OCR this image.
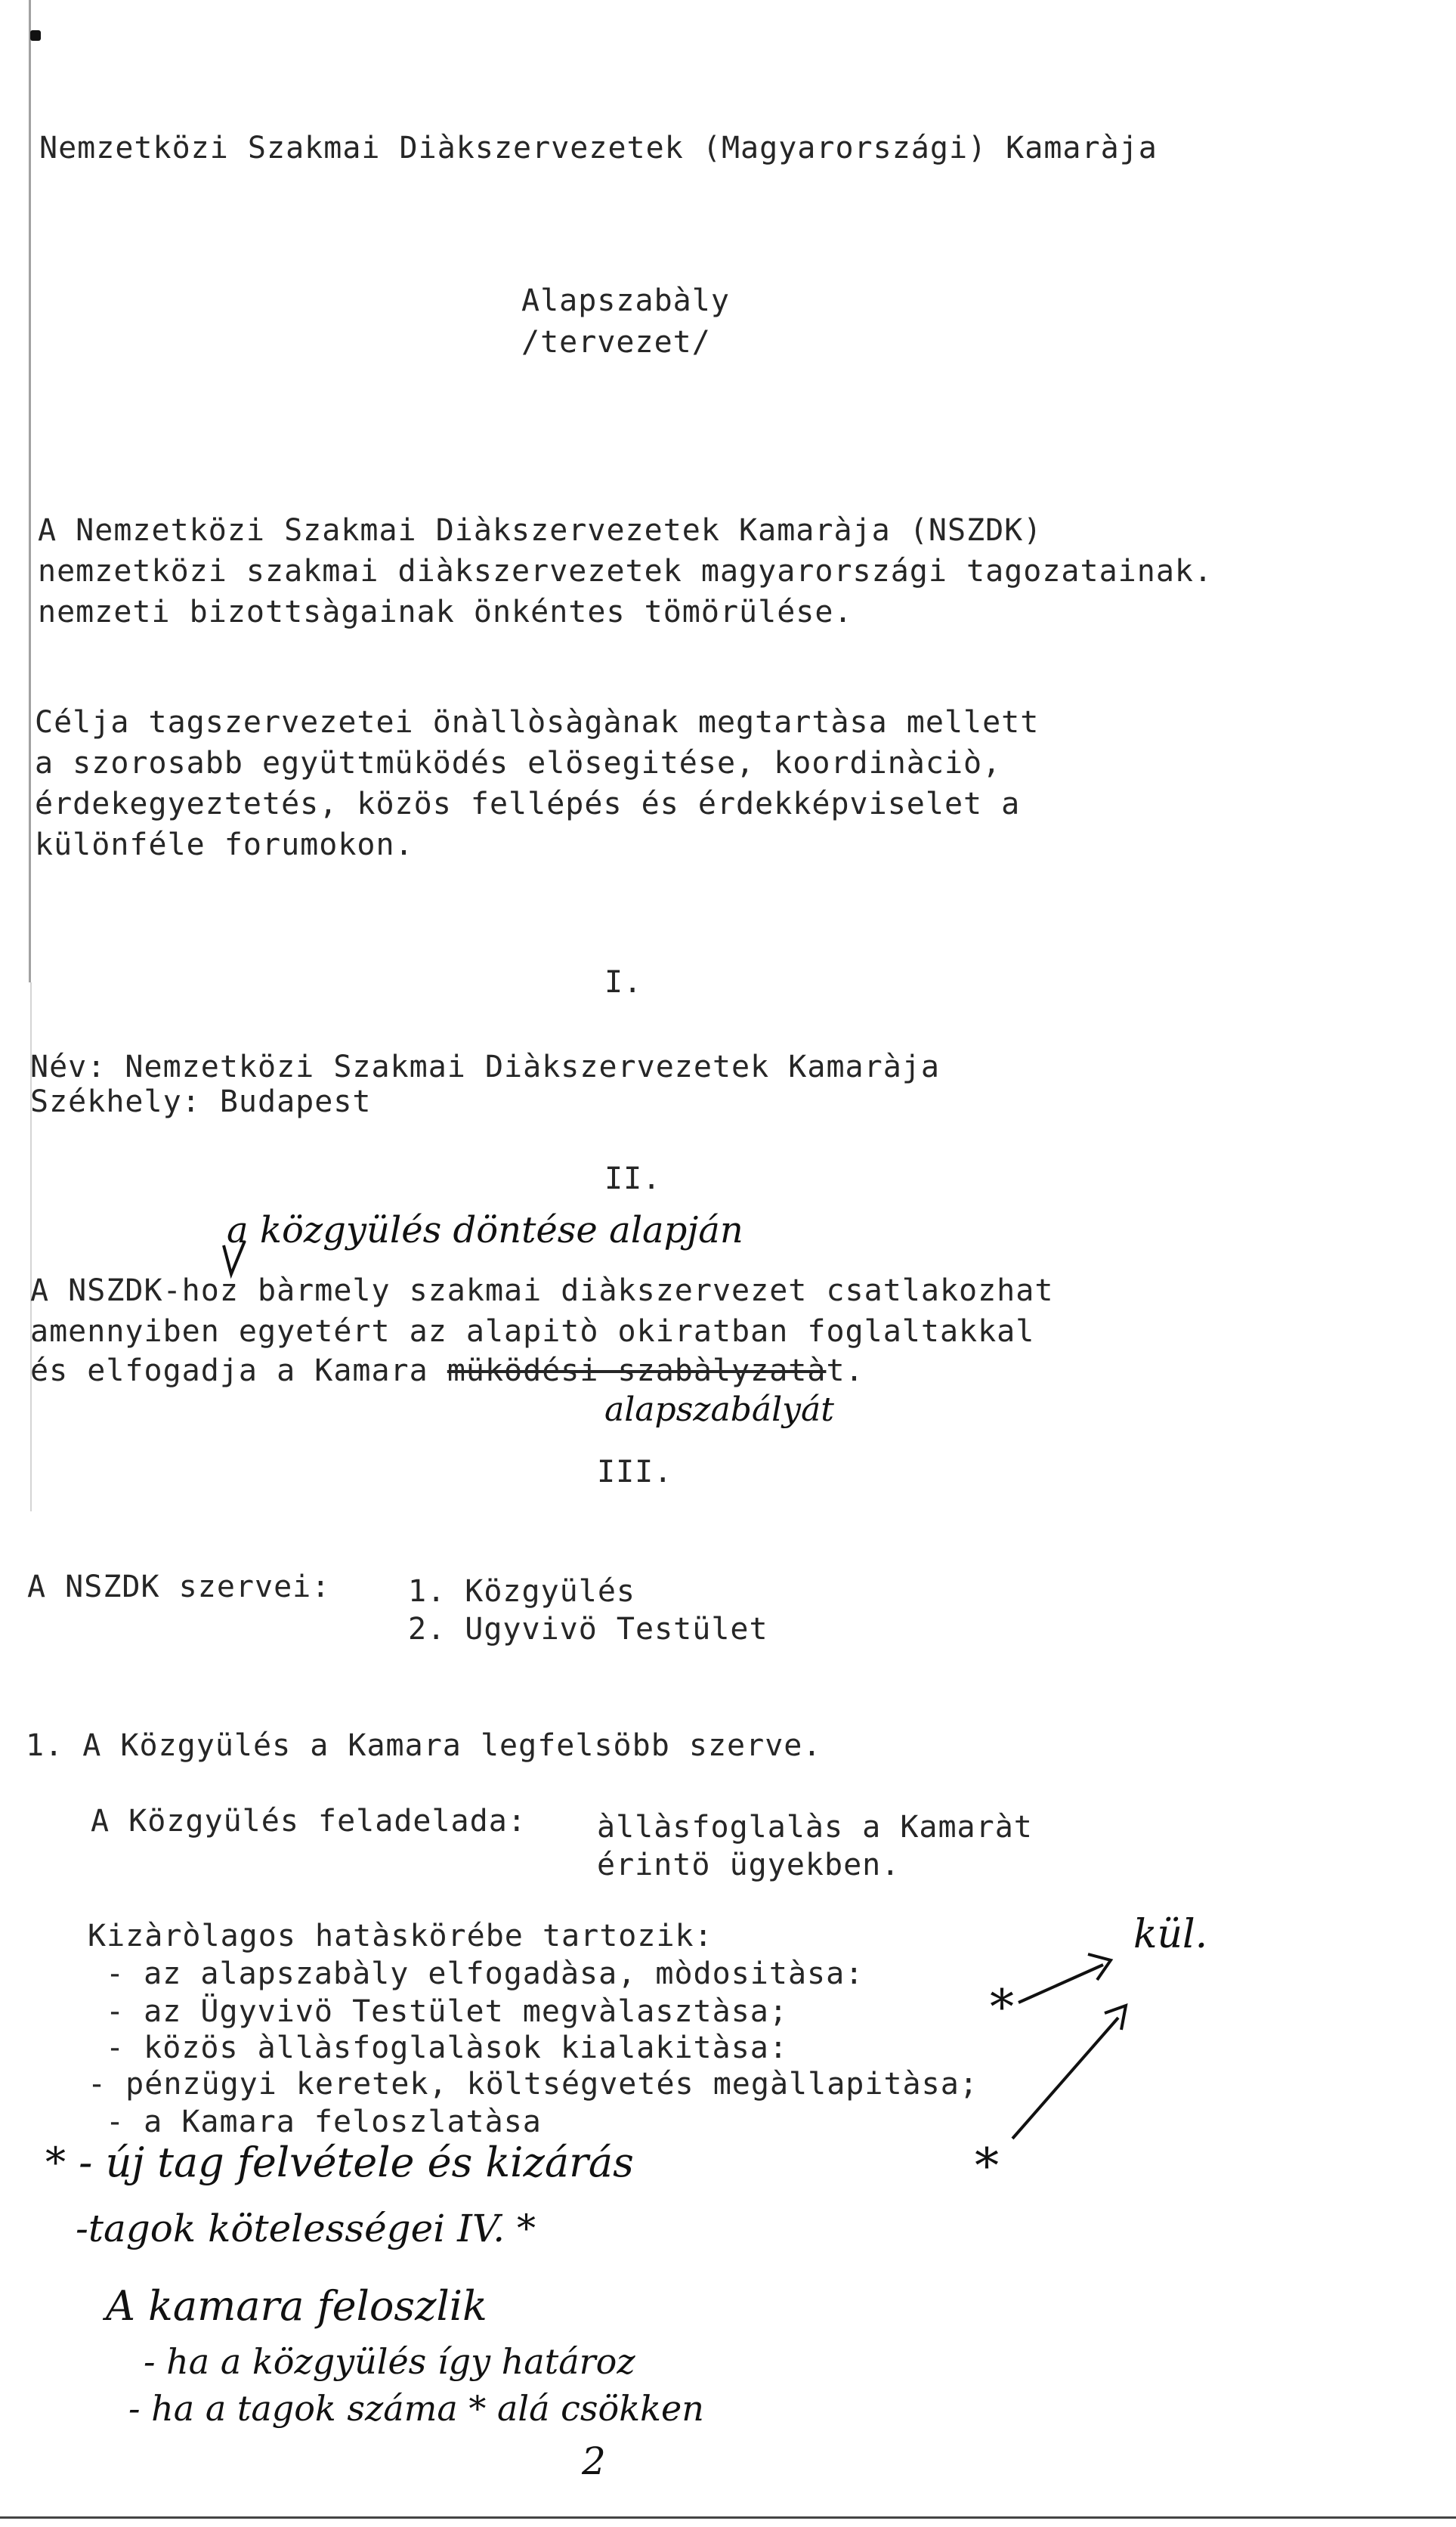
Nemzetközi Szakmai Diàkszervezetek (Magyarországi) Kamaràja
Alapszabàly
/tervezet/
A Nemzetközi Szakmai Diàkszervezetek Kamaràja (NSZDK)
nemzetközi szakmai diàkszervezetek magyarországi tagozatainak.
nemzeti bizottsàgainak önkéntes tömörülése.
Célja tagszervezetei önàllòsàgànak megtartàsa mellett
a szorosabb együttmüködés elösegitése, koordinàciò,
érdekegyeztetés, közös fellépés és érdekképviselet a
különféle forumokon.
I.
Név: Nemzetközi Szakmai Diàkszervezetek Kamaràja
Székhely: Budapest
II.
a közgyülés döntése alapján
A NSZDK-hoz bàrmely szakmai diàkszervezet csatlakozhat
amennyiben egyetért az alapitò okiratban foglaltakkal
és elfogadja a Kamara müködési szabàlyzatàt.
alapszabályát
III.
A NSZDK szervei:	1. Közgyülés
2. Ugyvivö Testület
1. A Közgyülés a Kamara legfelsöbb szerve.
A Közgyülés feladelada: àllàsfoglalàs a Kamaràt
érintö ügyekben.
Kizàròlagos hatàskörébe tartozik:
- az alapszabàly elfogadàsa, mòdositàsa:
- az Ügyvivö Testület megvàlasztàsa;
- közös àllàsfoglalàsok kialakitàsa:
- pénzügyi keretek, költségvetés megàllapitàsa;
- a Kamara feloszlatàsa
kül.
*
*
* - új tag felvétele és kizárás
-tagok kötelességei IV. *
A kamara feloszlik
- ha a közgyülés így határoz
- ha a tagok száma * alá csökken
2
